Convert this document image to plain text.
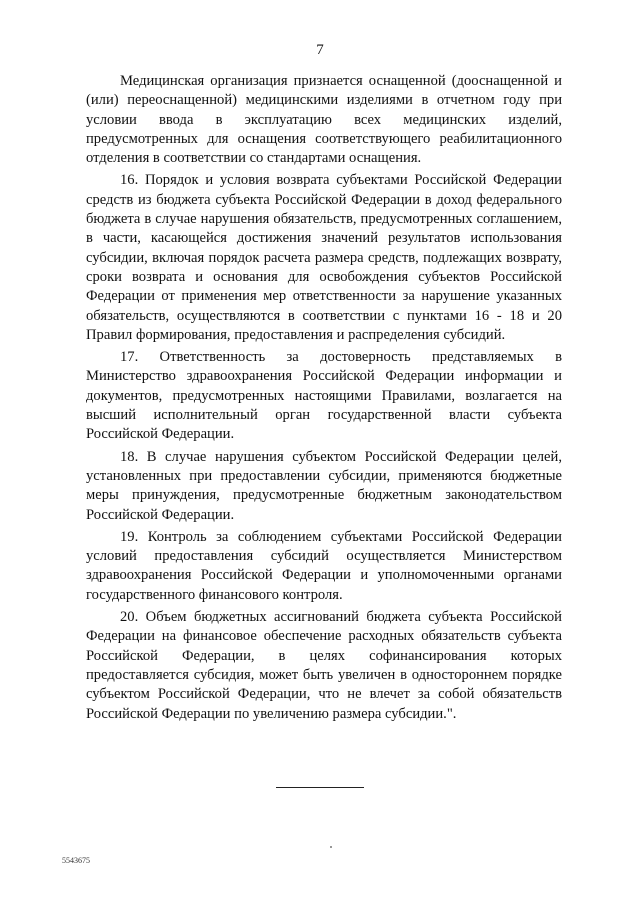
7

Медицинская организация признается оснащенной (дооснащенной и (или) переоснащенной) медицинскими изделиями в отчетном году при условии ввода в эксплуатацию всех медицинских изделий, предусмотренных для оснащения соответствующего реабилитационного отделения в соответствии со стандартами оснащения.

16. Порядок и условия возврата субъектами Российской Федерации средств из бюджета субъекта Российской Федерации в доход федерального бюджета в случае нарушения обязательств, предусмотренных соглашением, в части, касающейся достижения значений результатов использования субсидии, включая порядок расчета размера средств, подлежащих возврату, сроки возврата и основания для освобождения субъектов Российской Федерации от применения мер ответственности за нарушение указанных обязательств, осуществляются в соответствии с пунктами 16 - 18 и 20 Правил формирования, предоставления и распределения субсидий.

17. Ответственность за достоверность представляемых в Министерство здравоохранения Российской Федерации информации и документов, предусмотренных настоящими Правилами, возлагается на высший исполнительный орган государственной власти субъекта Российской Федерации.

18. В случае нарушения субъектом Российской Федерации целей, установленных при предоставлении субсидии, применяются бюджетные меры принуждения, предусмотренные бюджетным законодательством Российской Федерации.

19. Контроль за соблюдением субъектами Российской Федерации условий предоставления субсидий осуществляется Министерством здравоохранения Российской Федерации и уполномоченными органами государственного финансового контроля.

20. Объем бюджетных ассигнований бюджета субъекта Российской Федерации на финансовое обеспечение расходных обязательств субъекта Российской Федерации, в целях софинансирования которых предоставляется субсидия, может быть увеличен в одностороннем порядке субъектом Российской Федерации, что не влечет за собой обязательств Российской Федерации по увеличению размера субсидии.".

5543675
